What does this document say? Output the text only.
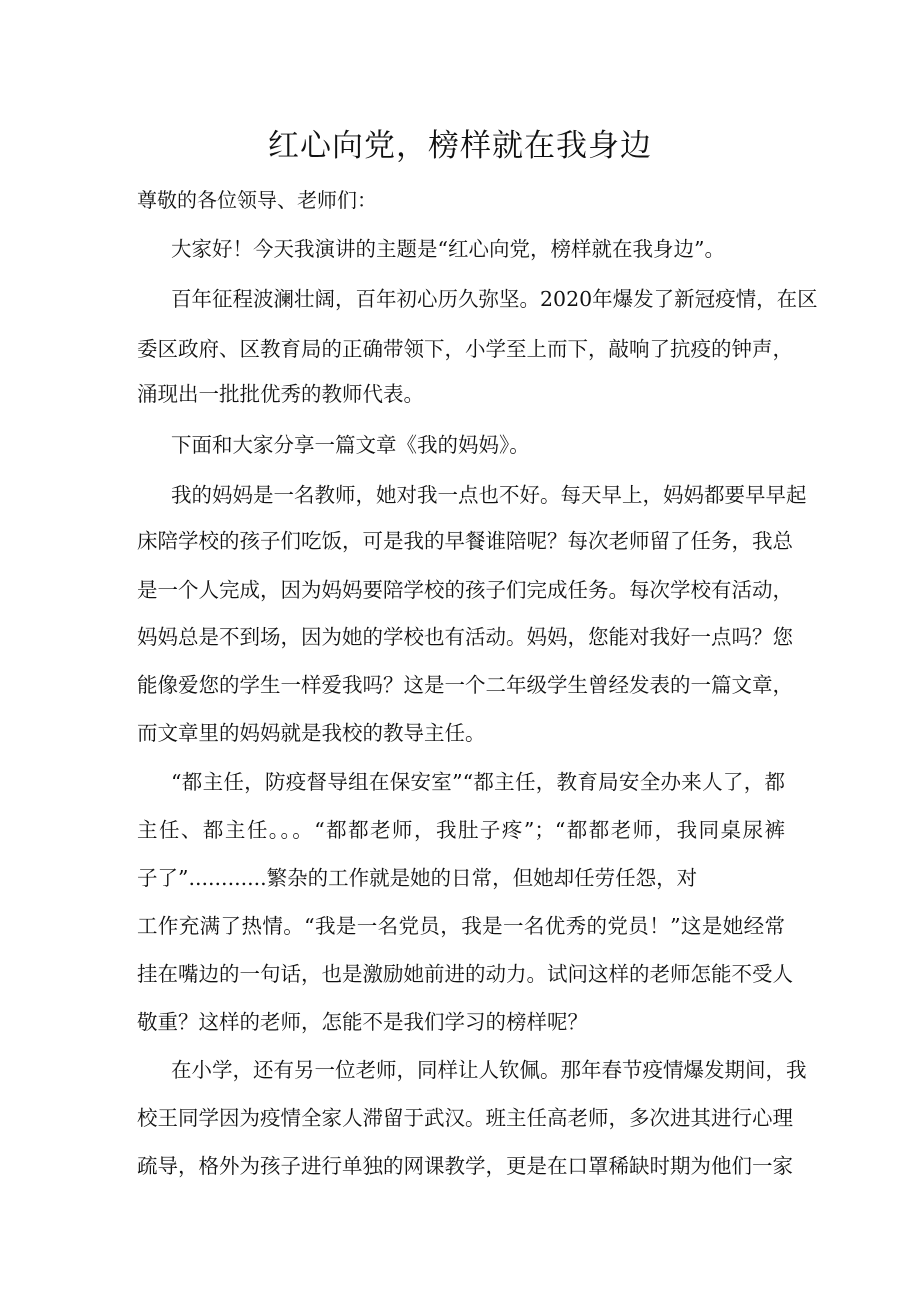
红心向党，榜样就在我身边
尊敬的各位领导、老师们：
大家好！今天我演讲的主题是“红心向党，榜样就在我身边”。
百年征程波澜壮阔，百年初心历久弥坚。2020年爆发了新冠疫情，在区
委区政府、区教育局的正确带领下，小学至上而下，敲响了抗疫的钟声，
涌现出一批批优秀的教师代表。
下面和大家分享一篇文章《我的妈妈》。
我的妈妈是一名教师，她对我一点也不好。每天早上，妈妈都要早早起
床陪学校的孩子们吃饭，可是我的早餐谁陪呢？每次老师留了任务，我总
是一个人完成，因为妈妈要陪学校的孩子们完成任务。每次学校有活动，
妈妈总是不到场，因为她的学校也有活动。妈妈，您能对我好一点吗？您
能像爱您的学生一样爱我吗？这是一个二年级学生曾经发表的一篇文章，
而文章里的妈妈就是我校的教导主任。
“都主任，防疫督导组在保安室”“都主任，教育局安全办来人了，都
主任、都主任。。。“都都老师，我肚子疼”；“都都老师，我同桌尿裤
子了”............繁杂的工作就是她的日常，但她却任劳任怨，对
工作充满了热情。“我是一名党员，我是一名优秀的党员！”这是她经常
挂在嘴边的一句话，也是激励她前进的动力。试问这样的老师怎能不受人
敬重？这样的老师，怎能不是我们学习的榜样呢？
在小学，还有另一位老师，同样让人钦佩。那年春节疫情爆发期间，我
校王同学因为疫情全家人滞留于武汉。班主任高老师，多次进其进行心理
疏导，格外为孩子进行单独的网课教学，更是在口罩稀缺时期为他们一家
